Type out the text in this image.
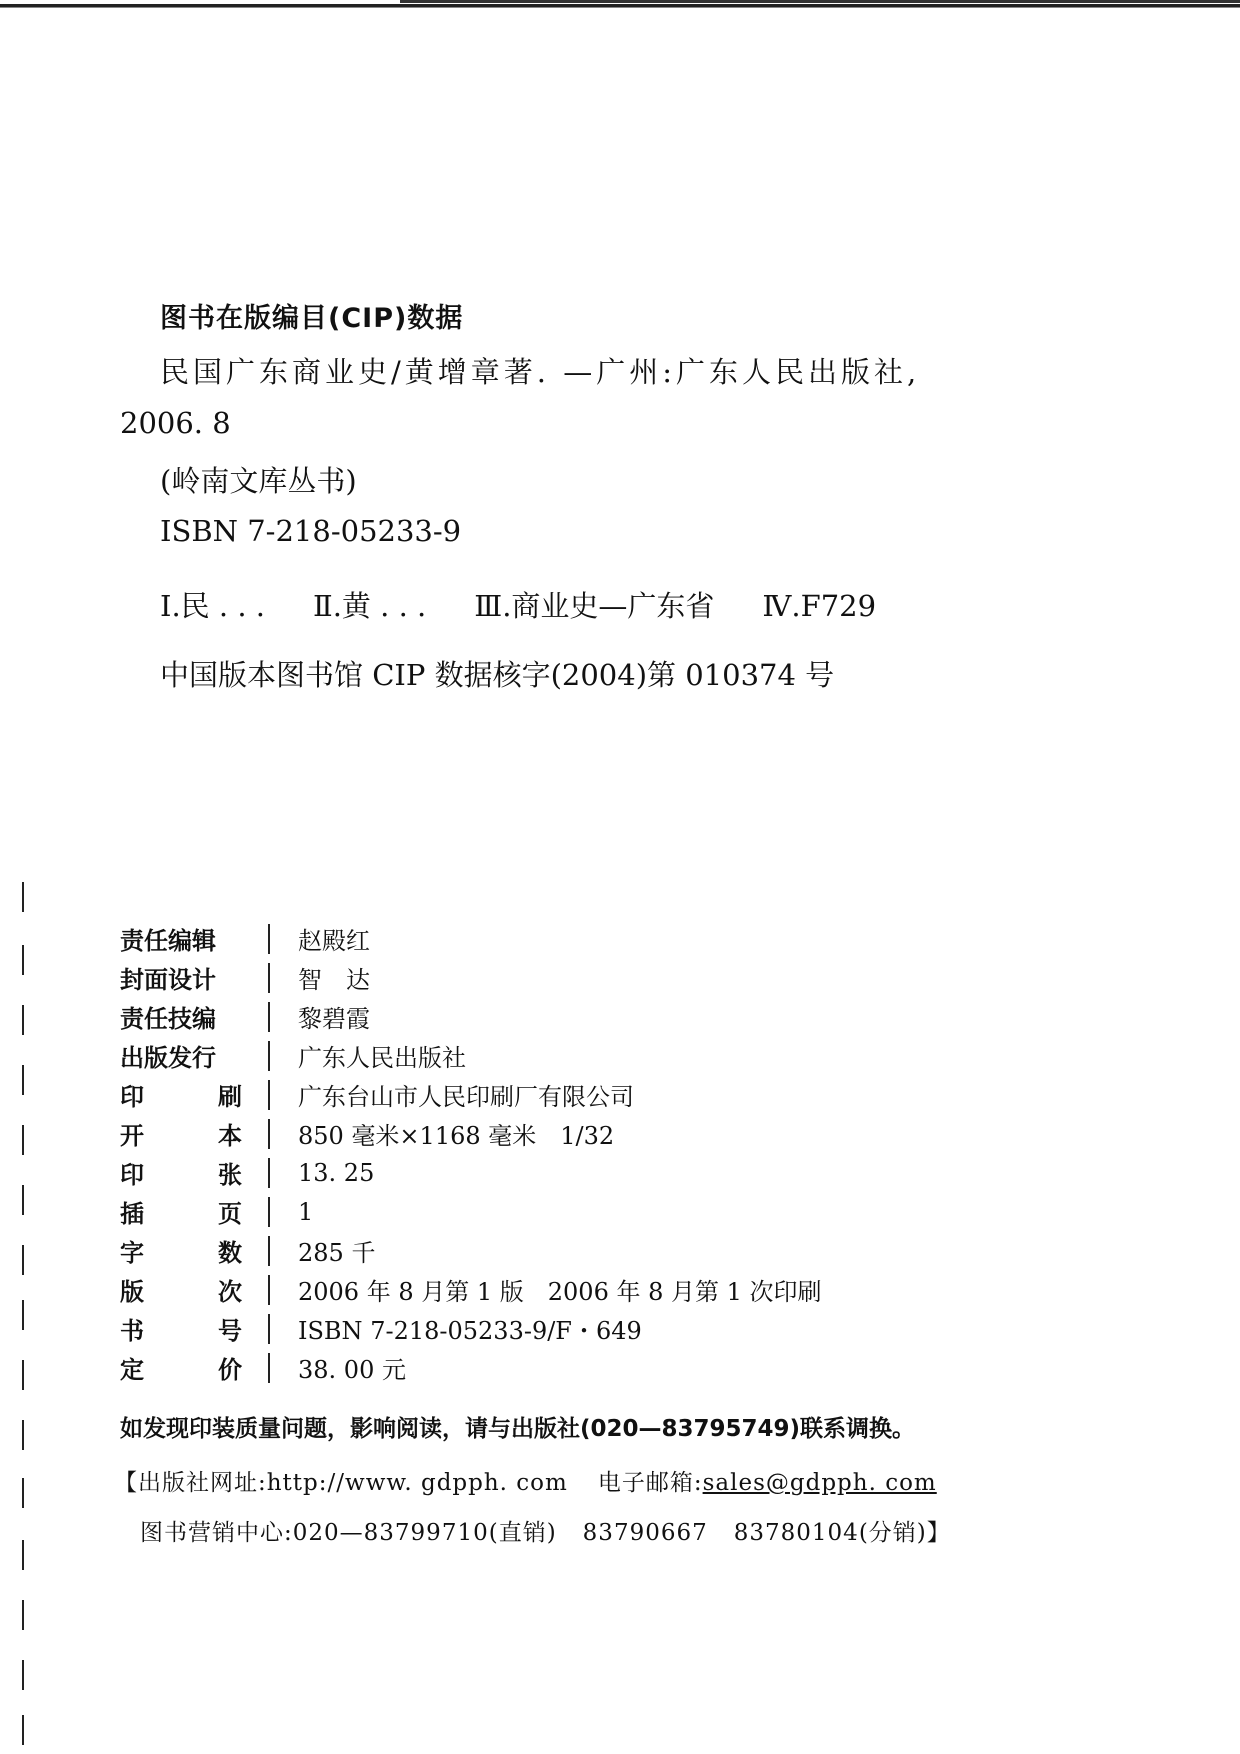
图书在版编目(CIP)数据
民国广东商业史/黄增章著. —广州:广东人民出版社,
2006. 8
(岭南文库丛书)
ISBN 7-218-05233-9
Ⅰ.民 . . . Ⅱ.黄 . . . Ⅲ.商业史—广东省 Ⅳ.F729
中国版本图书馆 CIP 数据核字(2004)第 010374 号
责任编辑	赵殿红
封面设计	智　达
责任技编	黎碧霞
出版发行	广东人民出版社
印	刷 广东台山市人民印刷厂有限公司
开	本 850 毫米×1168 毫米　1/32
印	张 13. 25
插	页 1
字	数 285 千
版	次 2006 年 8 月第 1 版　2006 年 8 月第 1 次印刷
书	号 ISBN 7-218-05233-9/F・649
定	价 38. 00 元
如发现印装质量问题，影响阅读，请与出版社(020—83795749)联系调换。
【出版社网址:http://www. gdpph. com 电子邮箱:sales@gdpph. com
图书营销中心:020—83799710(直销) 83790667 83780104(分销)】
